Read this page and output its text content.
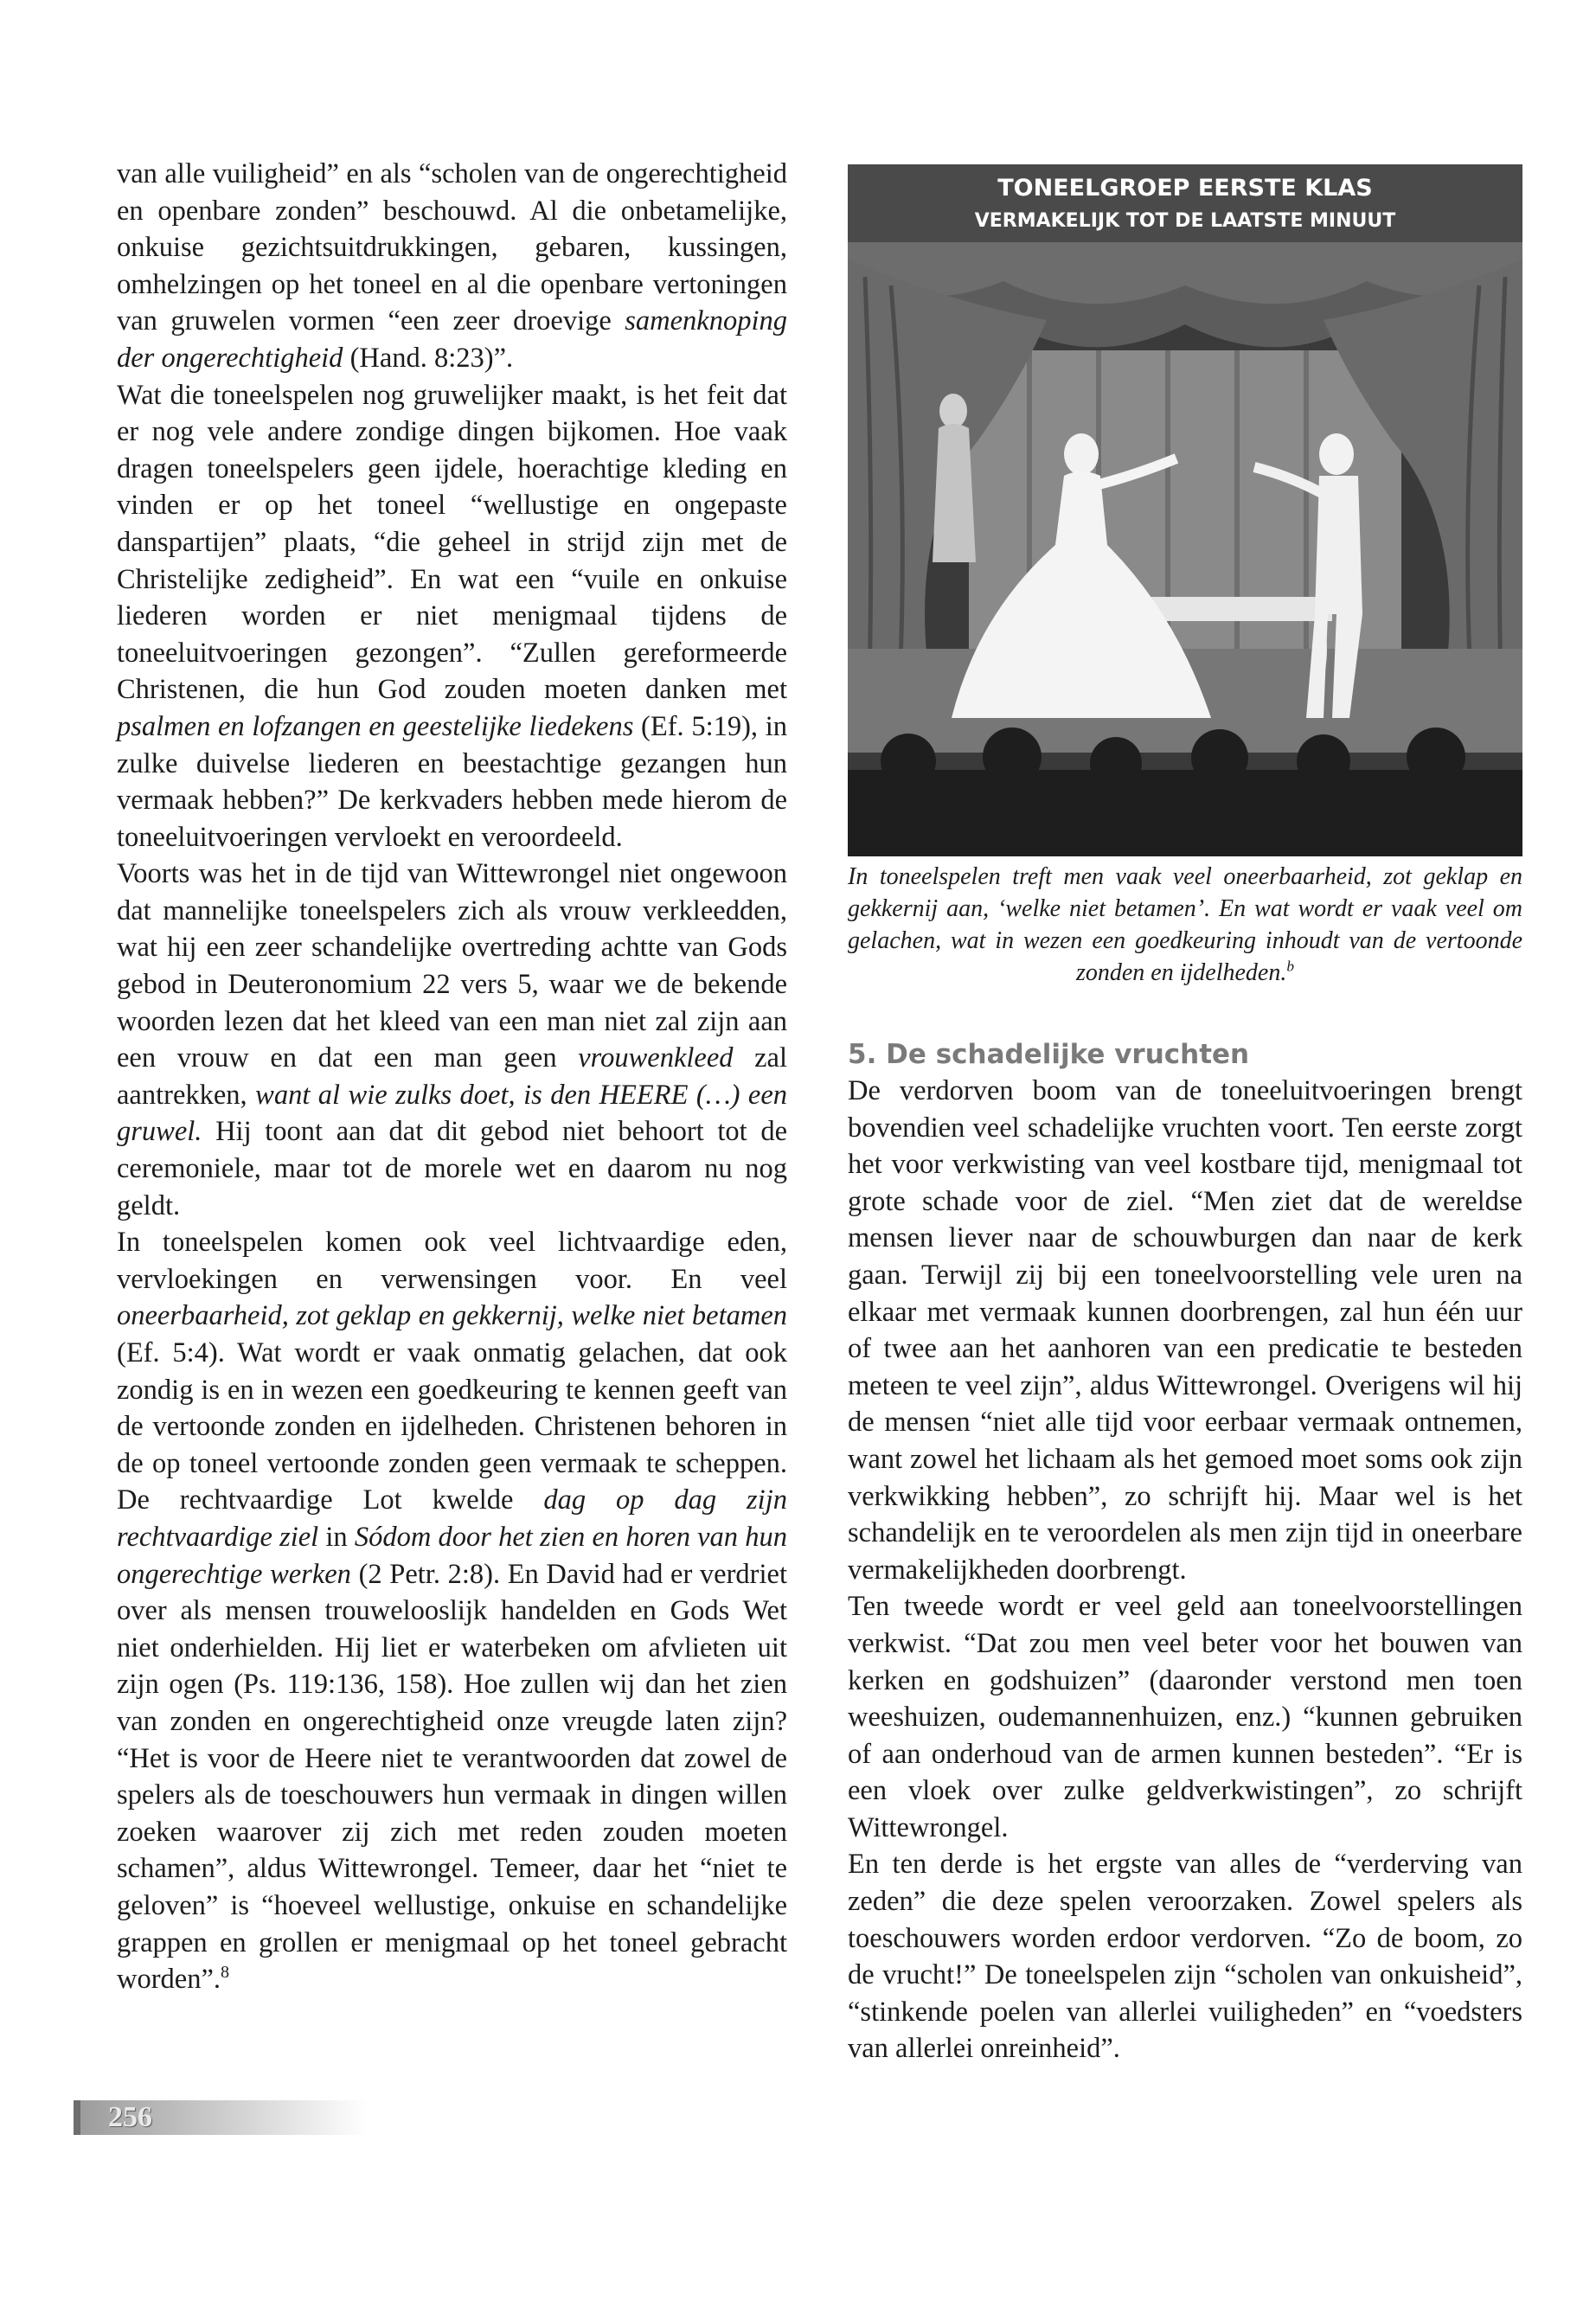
van alle vuiligheid” en als “scholen van de ongerechtigheid en openbare zonden” beschouwd. Al die onbetamelijke, onkuise gezichtsuitdrukkingen, gebaren, kussingen, omhelzingen op het toneel en al die openbare vertoningen van gruwelen vormen “een zeer droevige samenknoping der ongerechtigheid (Hand. 8:23)”.

Wat die toneelspelen nog gruwelijker maakt, is het feit dat er nog vele andere zondige dingen bijkomen. Hoe vaak dragen toneelspelers geen ijdele, hoerachtige kleding en vinden er op het toneel “wellustige en ongepaste danspartijen” plaats, “die geheel in strijd zijn met de Christelijke zedigheid”. En wat een “vuile en onkuise liederen worden er niet menigmaal tijdens de toneeluitvoeringen gezongen”. “Zullen gereformeerde Christenen, die hun God zouden moeten danken met psalmen en lofzangen en geestelijke liedekens (Ef. 5:19), in zulke duivelse liederen en beestachtige gezangen hun vermaak hebben?” De kerkvaders hebben mede hierom de toneeluitvoeringen vervloekt en veroordeeld.

Voorts was het in de tijd van Wittewrongel niet ongewoon dat mannelijke toneelspelers zich als vrouw verkleedden, wat hij een zeer schandelijke overtreding achtte van Gods gebod in Deuteronomium 22 vers 5, waar we de bekende woorden lezen dat het kleed van een man niet zal zijn aan een vrouw en dat een man geen vrouwenkleed zal aantrekken, want al wie zulks doet, is den HEERE (…) een gruwel. Hij toont aan dat dit gebod niet behoort tot de ceremoniele, maar tot de morele wet en daarom nu nog geldt.

In toneelspelen komen ook veel lichtvaardige eden, vervloekingen en verwensingen voor. En veel oneerbaarheid, zot geklap en gekkernij, welke niet betamen (Ef. 5:4). Wat wordt er vaak onmatig gelachen, dat ook zondig is en in wezen een goedkeuring te kennen geeft van de vertoonde zonden en ijdelheden. Christenen behoren in de op toneel vertoonde zonden geen vermaak te scheppen. De rechtvaardige Lot kwelde dag op dag zijn rechtvaardige ziel in Sódom door het zien en horen van hun ongerechtige werken (2 Petr. 2:8). En David had er verdriet over als mensen trouwelooslijk handelden en Gods Wet niet onderhielden. Hij liet er waterbeken om afvlieten uit zijn ogen (Ps. 119:136, 158). Hoe zullen wij dan het zien van zonden en ongerechtigheid onze vreugde laten zijn? “Het is voor de Heere niet te verantwoorden dat zowel de spelers als de toeschouwers hun vermaak in dingen willen zoeken waarover zij zich met reden zouden moeten schamen”, aldus Wittewrongel. Temeer, daar het “niet te geloven” is “hoeveel wellustige, onkuise en schandelijke grappen en grollen er menigmaal op het toneel gebracht worden”.$^8$

TONEELGROEP EERSTE KLAS
VERMAKELIJK TOT DE LAATSTE MINUUT
In toneelspelen treft men vaak veel oneerbaarheid, zot geklap en gekkernij aan, ‘welke niet betamen’. En wat wordt er vaak veel om gelachen, wat in wezen een goedkeuring inhoudt van de vertoonde zonden en ijdelheden.$^b$
5. De schadelijke vruchten

De verdorven boom van de toneeluitvoeringen brengt bovendien veel schadelijke vruchten voort. Ten eerste zorgt het voor verkwisting van veel kostbare tijd, menigmaal tot grote schade voor de ziel. “Men ziet dat de wereldse mensen liever naar de schouwburgen dan naar de kerk gaan. Terwijl zij bij een toneelvoorstelling vele uren na elkaar met vermaak kunnen doorbrengen, zal hun één uur of twee aan het aanhoren van een predicatie te besteden meteen te veel zijn”, aldus Wittewrongel. Overigens wil hij de mensen “niet alle tijd voor eerbaar vermaak ontnemen, want zowel het lichaam als het gemoed moet soms ook zijn verkwikking hebben”, zo schrijft hij. Maar wel is het schandelijk en te veroordelen als men zijn tijd in oneerbare vermakelijkheden doorbrengt.

Ten tweede wordt er veel geld aan toneelvoorstellingen verkwist. “Dat zou men veel beter voor het bouwen van kerken en godshuizen” (daaronder verstond men toen weeshuizen, oudemannenhuizen, enz.) “kunnen gebruiken of aan onderhoud van de armen kunnen besteden”. “Er is een vloek over zulke geldverkwistingen”, zo schrijft Wittewrongel.

En ten derde is het ergste van alles de “verderving van zeden” die deze spelen veroorzaken. Zowel spelers als toeschouwers worden erdoor verdorven. “Zo de boom, zo de vrucht!” De toneelspelen zijn “scholen van onkuisheid”, “stinkende poelen van allerlei vuiligheden” en “voedsters van allerlei onreinheid”.

256
